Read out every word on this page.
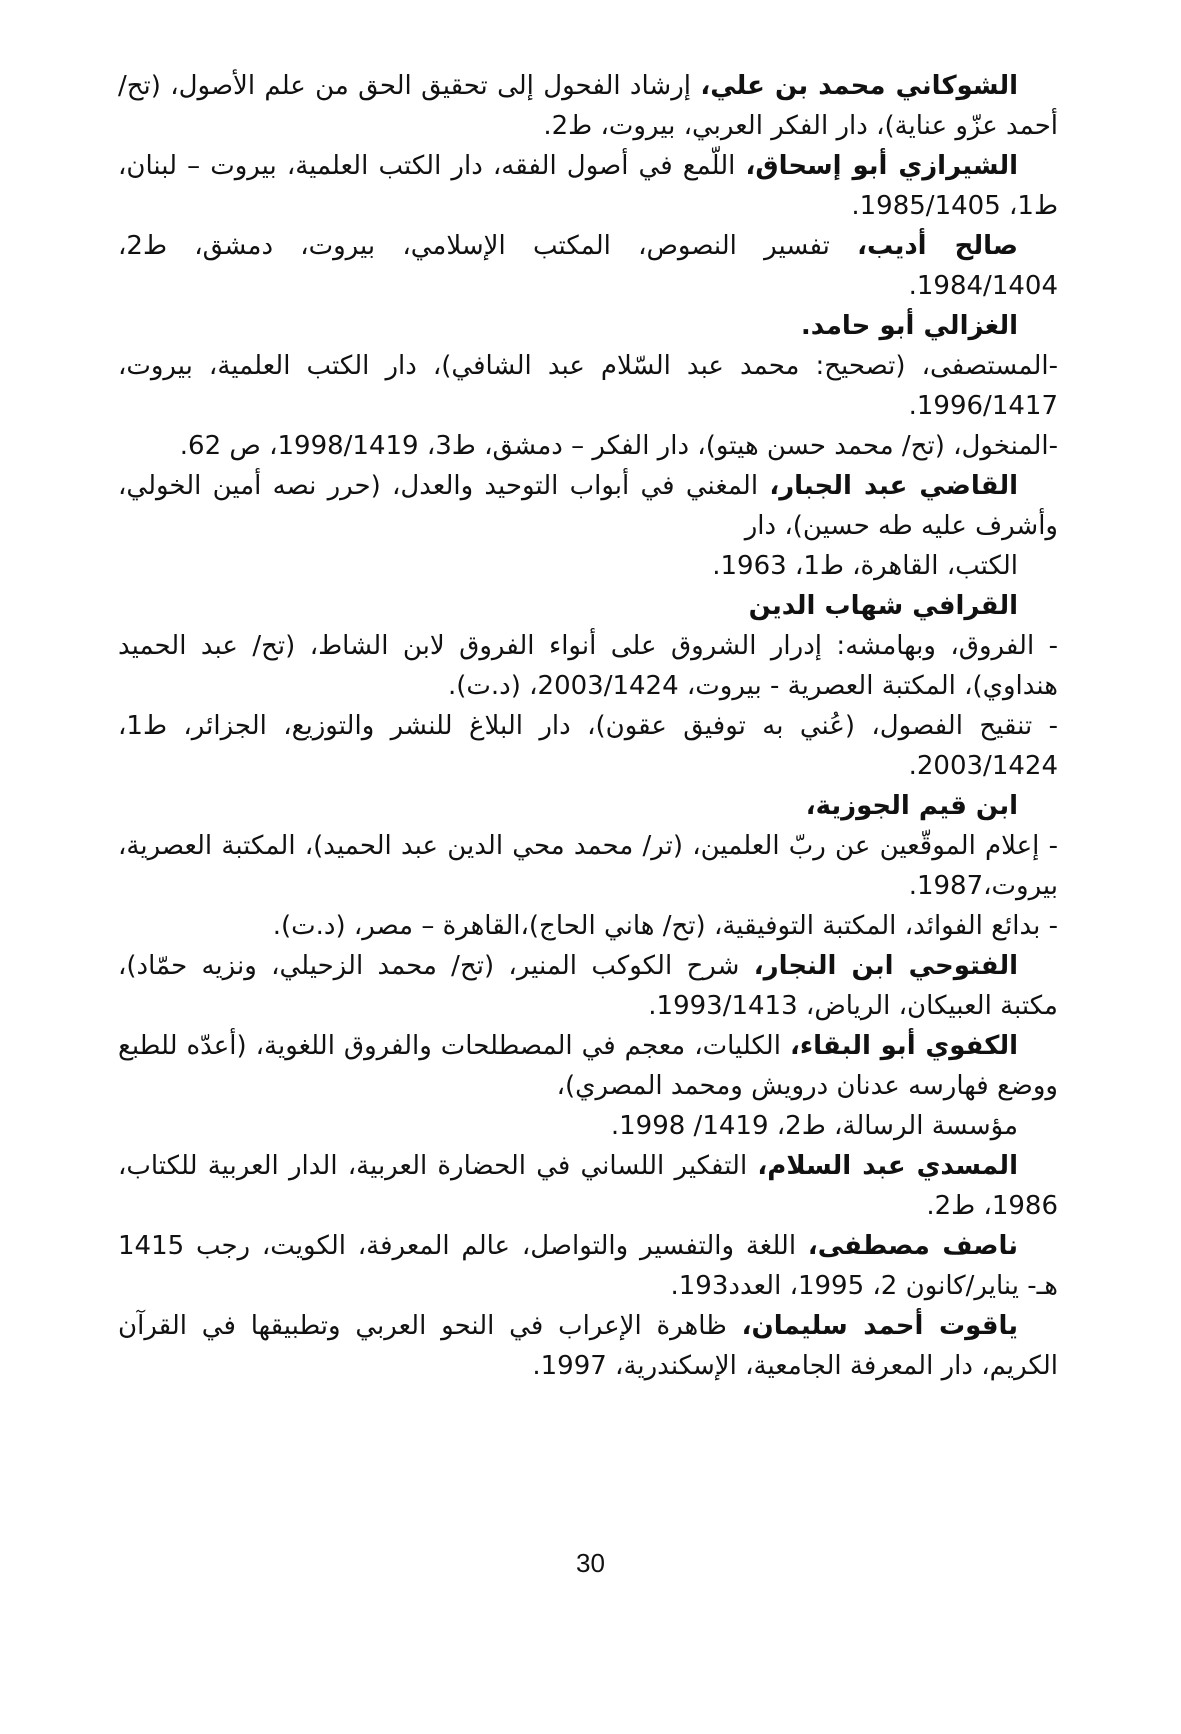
الشوكاني محمد بن علي، إرشاد الفحول إلى تحقيق الحق من علم الأصول، (تح/ أحمد عزّو عناية)، دار الفكر العربي، بيروت، ط2.

الشيرازي أبو إسحاق، اللّمع في أصول الفقه، دار الكتب العلمية، بيروت – لبنان، ط1، 1985/1405.

صالح أديب، تفسير النصوص، المكتب الإسلامي، بيروت، دمشق، ط2، 1984/1404.

الغزالي أبو حامد.

-المستصفى، (تصحيح: محمد عبد السّلام عبد الشافي)، دار الكتب العلمية، بيروت، 1996/1417.

-المنخول، (تح/ محمد حسن هيتو)، دار الفكر – دمشق، ط3، 1998/1419، ص 62.

القاضي عبد الجبار، المغني في أبواب التوحيد والعدل، (حرر نصه أمين الخولي، وأشرف عليه طه حسين)، دار

الكتب، القاهرة، ط1، 1963.

القرافي شهاب الدين

- الفروق، وبهامشه: إدرار الشروق على أنواء الفروق لابن الشاط، (تح/ عبد الحميد هنداوي)، المكتبة العصرية - بيروت، 2003/1424، (د.ت).

- تنقيح الفصول، (عُني به توفيق عقون)، دار البلاغ للنشر والتوزيع، الجزائر، ط1، 2003/1424.

ابن قيم الجوزية،

- إعلام الموقّعين عن ربّ العلمين، (تر/ محمد محي الدين عبد الحميد)، المكتبة العصرية، بيروت،1987.

- بدائع الفوائد، المكتبة التوفيقية، (تح/ هاني الحاج)،القاهرة – مصر، (د.ت).

الفتوحي ابن النجار، شرح الكوكب المنير، (تح/ محمد الزحيلي، ونزيه حمّاد)، مكتبة العبيكان، الرياض، 1993/1413.

الكفوي أبو البقاء، الكليات، معجم في المصطلحات والفروق اللغوية، (أعدّه للطبع ووضع فهارسه عدنان درويش ومحمد المصري)،

مؤسسة الرسالة، ط2، 1419/ 1998.

المسدي عبد السلام، التفكير اللساني في الحضارة العربية، الدار العربية للكتاب، 1986، ط2.

ناصف مصطفى، اللغة والتفسير والتواصل، عالم المعرفة، الكويت، رجب 1415 هـ- يناير/كانون 2، 1995، العدد193.

ياقوت أحمد سليمان، ظاهرة الإعراب في النحو العربي وتطبيقها في القرآن الكريم، دار المعرفة الجامعية، الإسكندرية، 1997.

30
